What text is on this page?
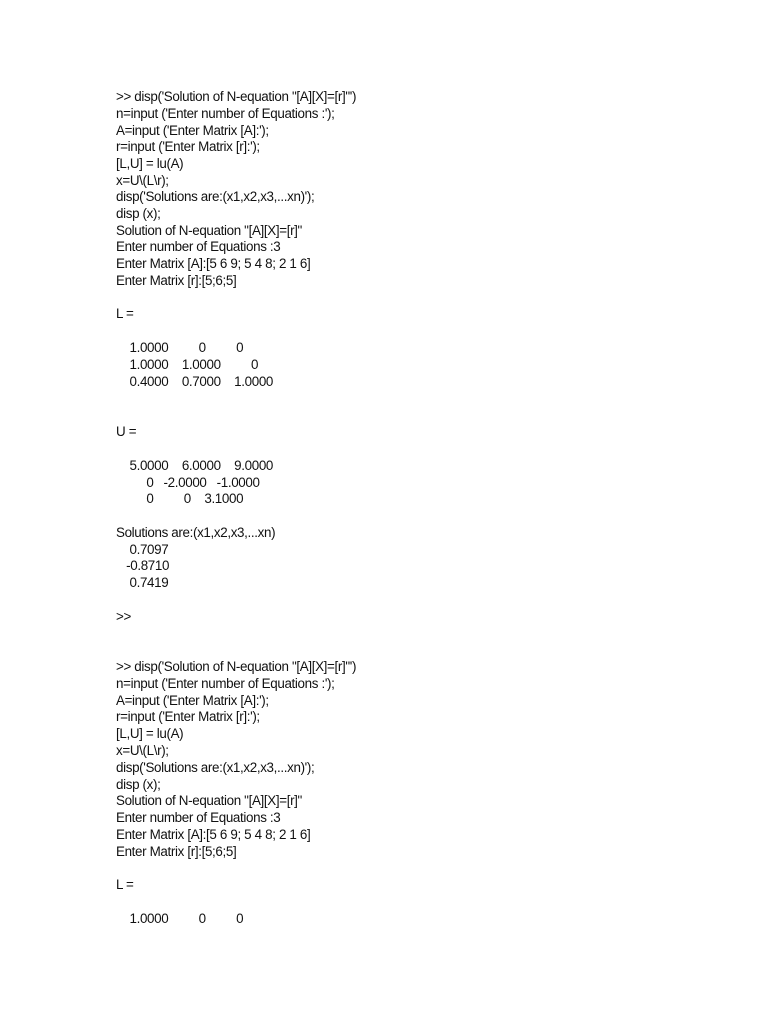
>> disp('Solution of N-equation "[A][X]=[r]"')
n=input ('Enter number of Equations :');
A=input ('Enter Matrix [A]:');
r=input ('Enter Matrix [r]:');
[L,U] = lu(A)
x=U\(L\r);
disp('Solutions are:(x1,x2,x3,...xn)');
disp (x);
Solution of N-equation "[A][X]=[r]"
Enter number of Equations :3
Enter Matrix [A]:[5 6 9; 5 4 8; 2 1 6]
Enter Matrix [r]:[5;6;5]
L =
1.0000         0         0
1.0000    1.0000         0
0.4000    0.7000    1.0000
U =
5.0000    6.0000    9.0000
0   -2.0000   -1.0000
0         0    3.1000
Solutions are:(x1,x2,x3,...xn)
0.7097
-0.8710
0.7419
>>
>> disp('Solution of N-equation "[A][X]=[r]"')
n=input ('Enter number of Equations :');
A=input ('Enter Matrix [A]:');
r=input ('Enter Matrix [r]:');
[L,U] = lu(A)
x=U\(L\r);
disp('Solutions are:(x1,x2,x3,...xn)');
disp (x);
Solution of N-equation "[A][X]=[r]"
Enter number of Equations :3
Enter Matrix [A]:[5 6 9; 5 4 8; 2 1 6]
Enter Matrix [r]:[5;6;5]
L =
1.0000         0         0
